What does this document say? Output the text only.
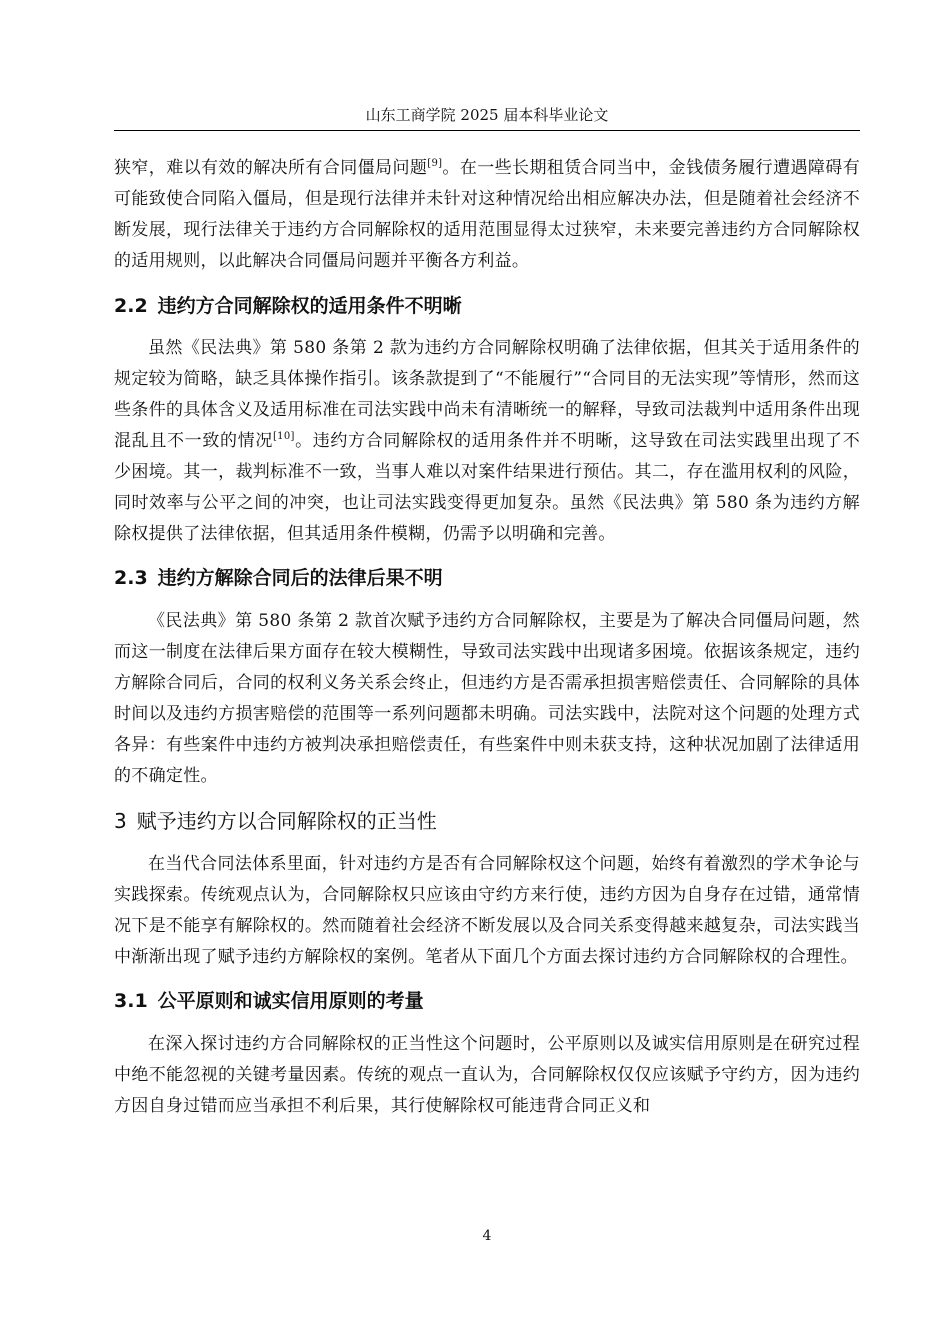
山东工商学院 2025 届本科毕业论文

狭窄，难以有效的解决所有合同僵局问题[9]。在一些长期租赁合同当中，金钱债务履行遭遇障碍有可能致使合同陷入僵局，但是现行法律并未针对这种情况给出相应解决办法，但是随着社会经济不断发展，现行法律关于违约方合同解除权的适用范围显得太过狭窄，未来要完善违约方合同解除权的适用规则，以此解决合同僵局问题并平衡各方利益。

2.2 违约方合同解除权的适用条件不明晰

虽然《民法典》第 580 条第 2 款为违约方合同解除权明确了法律依据，但其关于适用条件的规定较为简略，缺乏具体操作指引。该条款提到了“不能履行”“合同目的无法实现”等情形，然而这些条件的具体含义及适用标准在司法实践中尚未有清晰统一的解释，导致司法裁判中适用条件出现混乱且不一致的情况[10]。违约方合同解除权的适用条件并不明晰，这导致在司法实践里出现了不少困境。其一，裁判标准不一致，当事人难以对案件结果进行预估。其二，存在滥用权利的风险，同时效率与公平之间的冲突，也让司法实践变得更加复杂。虽然《民法典》第 580 条为违约方解除权提供了法律依据，但其适用条件模糊，仍需予以明确和完善。

2.3 违约方解除合同后的法律后果不明

《民法典》第 580 条第 2 款首次赋予违约方合同解除权，主要是为了解决合同僵局问题，然而这一制度在法律后果方面存在较大模糊性，导致司法实践中出现诸多困境。依据该条规定，违约方解除合同后，合同的权利义务关系会终止，但违约方是否需承担损害赔偿责任、合同解除的具体时间以及违约方损害赔偿的范围等一系列问题都未明确。司法实践中，法院对这个问题的处理方式各异：有些案件中违约方被判决承担赔偿责任，有些案件中则未获支持，这种状况加剧了法律适用的不确定性。

3 赋予违约方以合同解除权的正当性

在当代合同法体系里面，针对违约方是否有合同解除权这个问题，始终有着激烈的学术争论与实践探索。传统观点认为，合同解除权只应该由守约方来行使，违约方因为自身存在过错，通常情况下是不能享有解除权的。然而随着社会经济不断发展以及合同关系变得越来越复杂，司法实践当中渐渐出现了赋予违约方解除权的案例。笔者从下面几个方面去探讨违约方合同解除权的合理性。

3.1 公平原则和诚实信用原则的考量

在深入探讨违约方合同解除权的正当性这个问题时，公平原则以及诚实信用原则是在研究过程中绝不能忽视的关键考量因素。传统的观点一直认为，合同解除权仅仅应该赋予守约方，因为违约方因自身过错而应当承担不利后果，其行使解除权可能违背合同正义和

4
